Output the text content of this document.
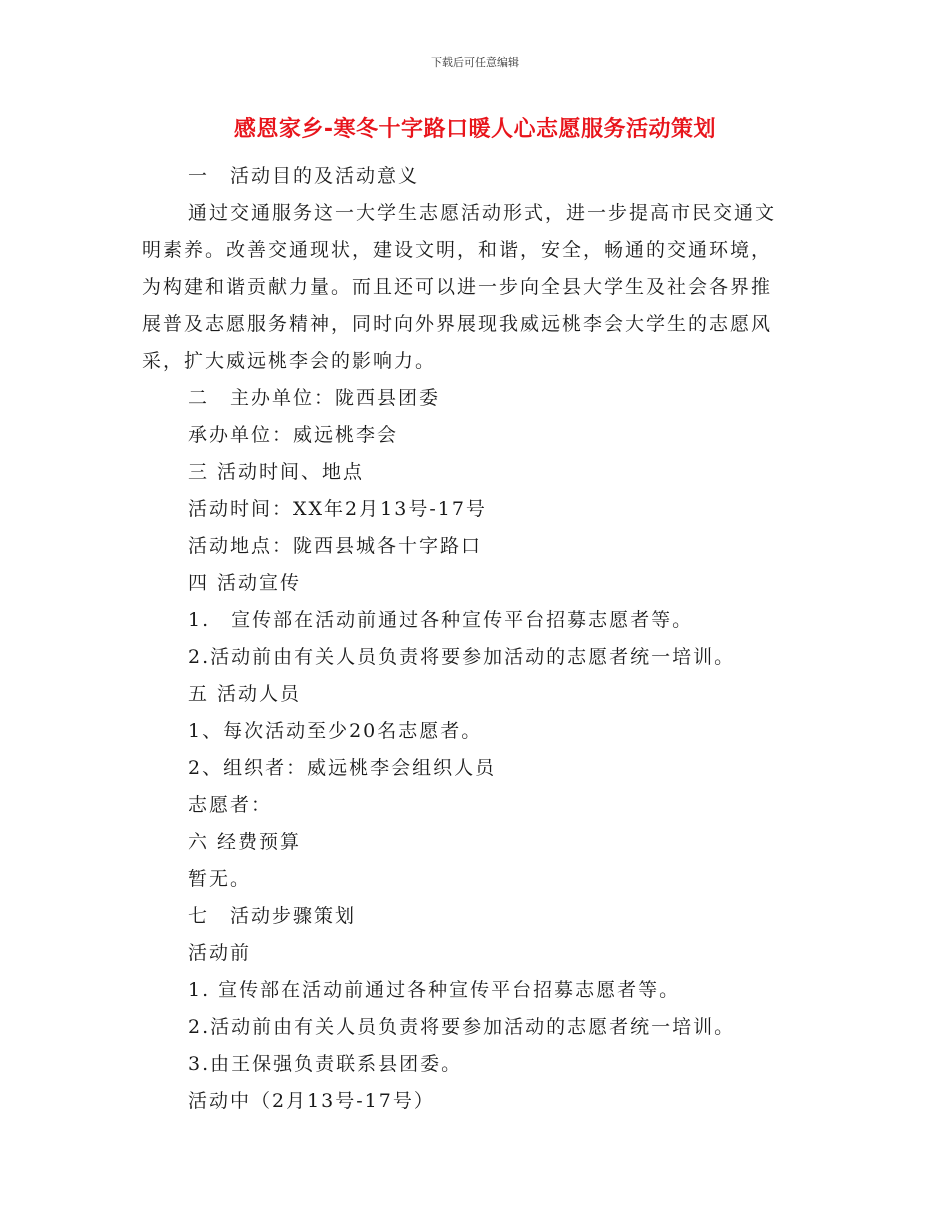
下载后可任意编辑
感恩家乡-寒冬十字路口暖人心志愿服务活动策划
一　活动目的及活动意义
通过交通服务这一大学生志愿活动形式，进一步提高市民交通文
明素养。改善交通现状，建设文明，和谐，安全，畅通的交通环境，
为构建和谐贡献力量。而且还可以进一步向全县大学生及社会各界推
展普及志愿服务精神，同时向外界展现我威远桃李会大学生的志愿风
采，扩大威远桃李会的影响力。
二　主办单位：陇西县团委
承办单位：威远桃李会
三 活动时间、地点
活动时间：XX年2月13号-17号
活动地点：陇西县城各十字路口
四 活动宣传
1.　宣传部在活动前通过各种宣传平台招募志愿者等。
2.活动前由有关人员负责将要参加活动的志愿者统一培训。
五 活动人员
1、每次活动至少20名志愿者。
2、组织者：威远桃李会组织人员
志愿者：
六 经费预算
暂无。
七　活动步骤策划
活动前
1. 宣传部在活动前通过各种宣传平台招募志愿者等。
2.活动前由有关人员负责将要参加活动的志愿者统一培训。
3.由王保强负责联系县团委。
活动中（2月13号-17号）
